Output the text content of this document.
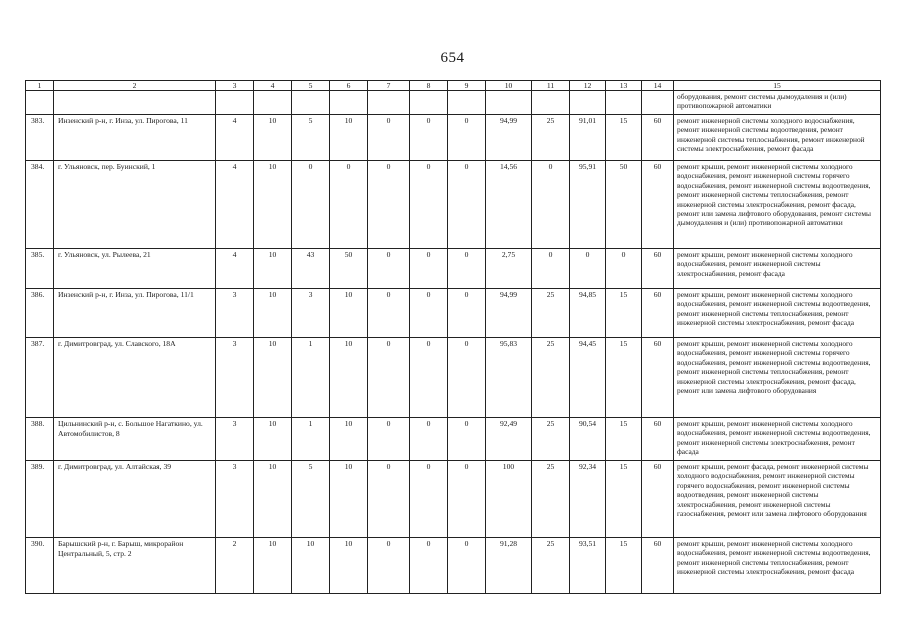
654
1	2	3	4	5	6	7	8	9	10	11	12	13	14	15
														оборудования, ремонт системы дымоудаления и (или) противопожарной автоматики
383.	Инзенский р-н, г. Инза, ул. Пирогова, 11	4	10	5	10	0	0	0	94,99	25	91,01	15	60	ремонт инженерной системы холодного водоснабжения, ремонт инженерной системы водоотведения, ремонт инженерной системы теплоснабжения, ремонт инженерной системы электроснабжения, ремонт фасада
384.	г. Ульяновск, пер. Буинский, 1	4	10	0	0	0	0	0	14,56	0	95,91	50	60	ремонт крыши, ремонт инженерной системы холодного водоснабжения, ремонт инженерной системы горячего водоснабжения, ремонт инженерной системы водоотведения, ремонт инженерной системы теплоснабжения, ремонт инженерной системы электроснабжения, ремонт фасада, ремонт или замена лифтового оборудования, ремонт системы дымоудаления и (или) противопожарной автоматики
385.	г. Ульяновск, ул. Рылеева, 21	4	10	43	50	0	0	0	2,75	0	0	0	60	ремонт крыши, ремонт инженерной системы холодного водоснабжения, ремонт инженерной системы электроснабжения, ремонт фасада
386.	Инзенский р-н, г. Инза, ул. Пирогова, 11/1	3	10	3	10	0	0	0	94,99	25	94,85	15	60	ремонт крыши, ремонт инженерной системы холодного водоснабжения, ремонт инженерной системы водоотведения, ремонт инженерной системы теплоснабжения, ремонт инженерной системы электроснабжения, ремонт фасада
387.	г. Димитровград, ул. Славского, 18А	3	10	1	10	0	0	0	95,83	25	94,45	15	60	ремонт крыши, ремонт инженерной системы холодного водоснабжения, ремонт инженерной системы горячего водоснабжения, ремонт инженерной системы водоотведения, ремонт инженерной системы теплоснабжения, ремонт инженерной системы электроснабжения, ремонт фасада, ремонт или замена лифтового оборудования
388.	Цильнинский р-н, с. Большое Нагаткино, ул. Автомобилистов, 8	3	10	1	10	0	0	0	92,49	25	90,54	15	60	ремонт крыши, ремонт инженерной системы холодного водоснабжения, ремонт инженерной системы водоотведения, ремонт инженерной системы электроснабжения, ремонт фасада
389.	г. Димитровград, ул. Алтайская, 39	3	10	5	10	0	0	0	100	25	92,34	15	60	ремонт крыши, ремонт фасада, ремонт инженерной системы холодного водоснабжения, ремонт инженерной системы горячего водоснабжения, ремонт инженерной системы водоотведения, ремонт инженерной системы электроснабжения, ремонт инженерной системы газоснабжения, ремонт или замена лифтового оборудования
390.	Барышский р-н, г. Барыш, микрорайон Центральный, 5, стр. 2	2	10	10	10	0	0	0	91,28	25	93,51	15	60	ремонт крыши, ремонт инженерной системы холодного водоснабжения, ремонт инженерной системы водоотведения, ремонт инженерной системы теплоснабжения, ремонт инженерной системы электроснабжения, ремонт фасада
